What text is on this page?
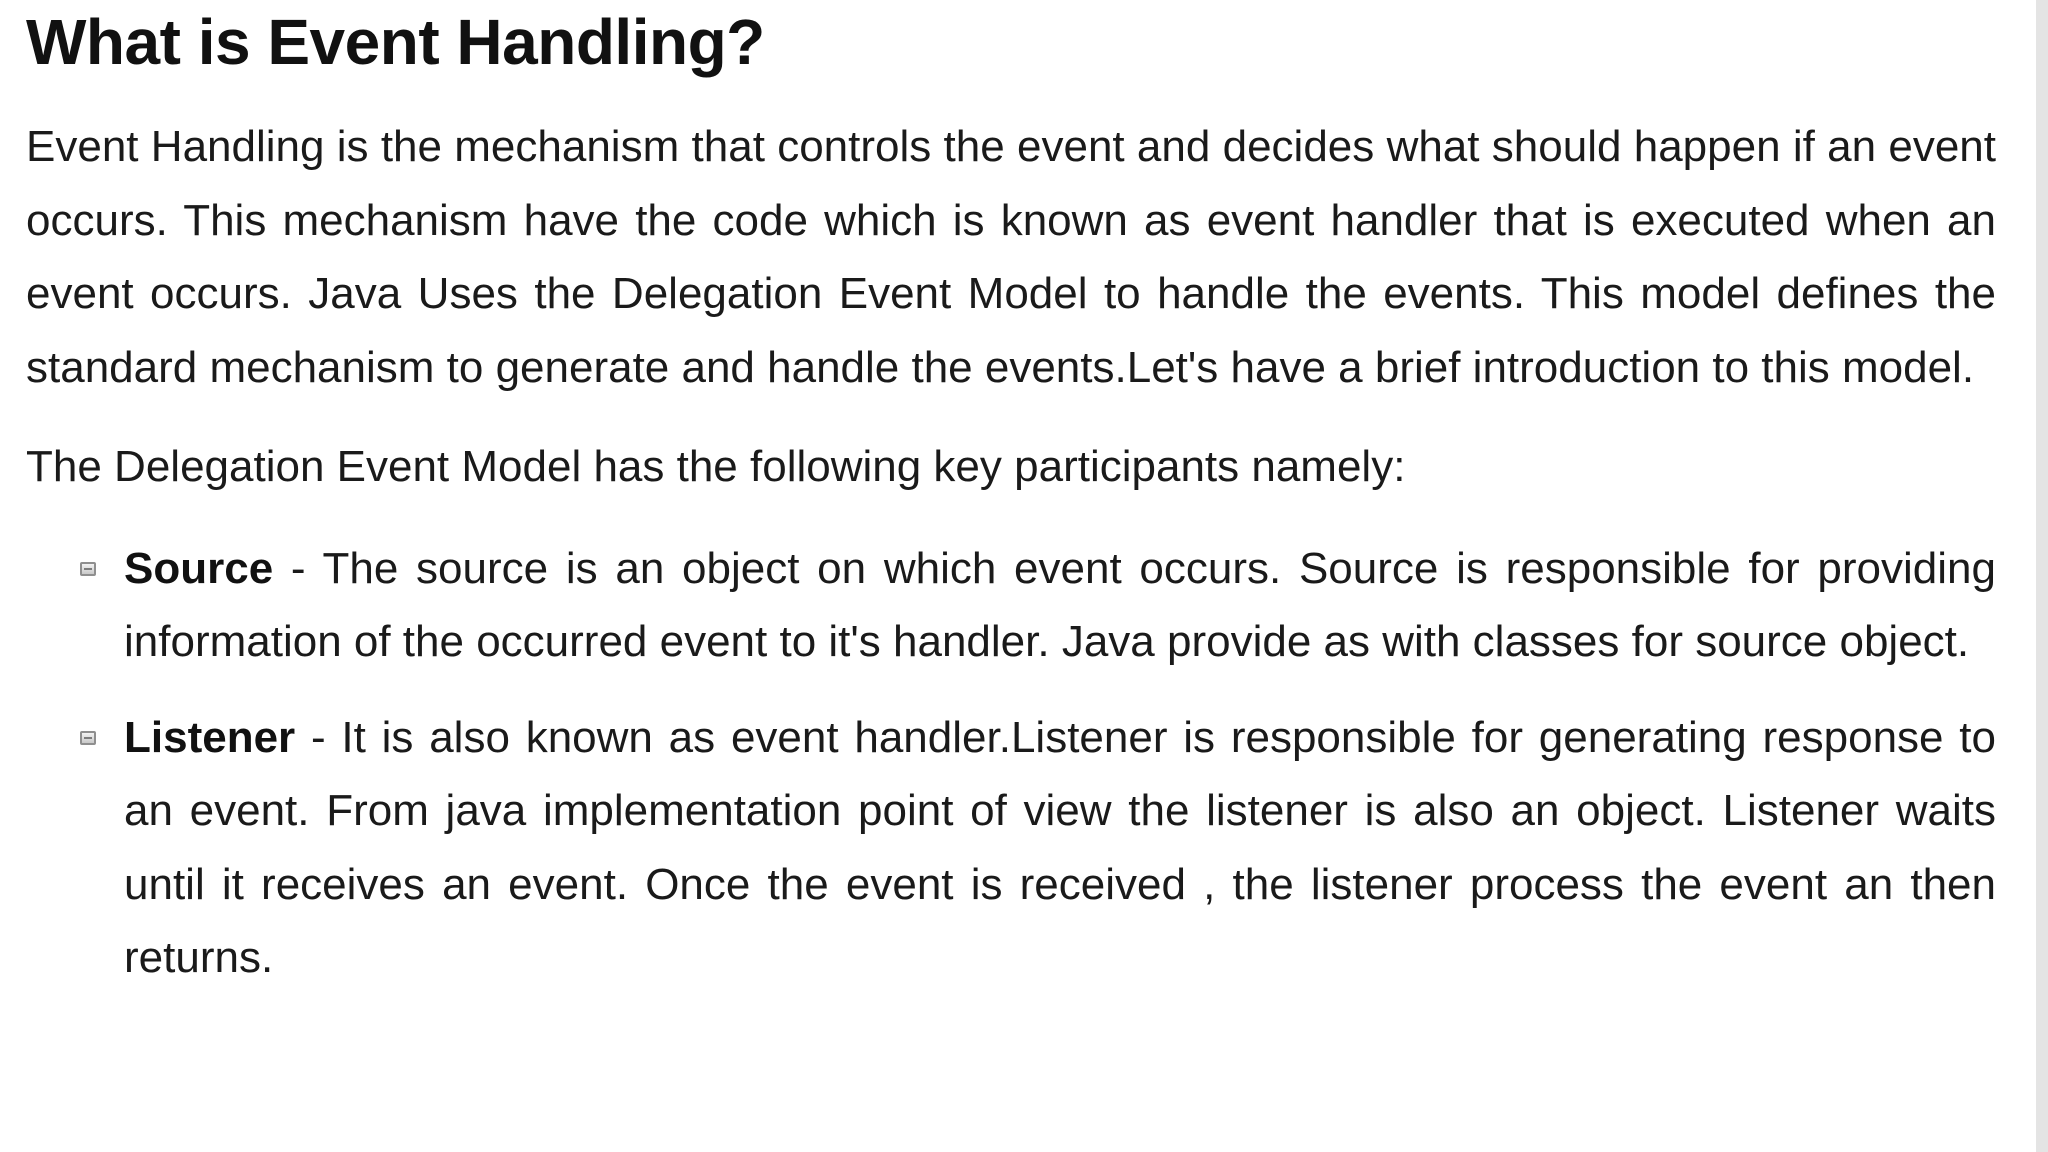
What is Event Handling?

Event Handling is the mechanism that controls the event and decides what should happen if an event occurs. This mechanism have the code which is known as event handler that is executed when an event occurs. Java Uses the Delegation Event Model to handle the events. This model defines the standard mechanism to generate and handle the events.Let's have a brief introduction to this model.

The Delegation Event Model has the following key participants namely:

Source - The source is an object on which event occurs. Source is responsible for providing information of the occurred event to it's handler. Java provide as with classes for source object.
Listener - It is also known as event handler.Listener is responsible for generating response to an event. From java implementation point of view the listener is also an object. Listener waits until it receives an event. Once the event is received , the listener process the event an then returns.
